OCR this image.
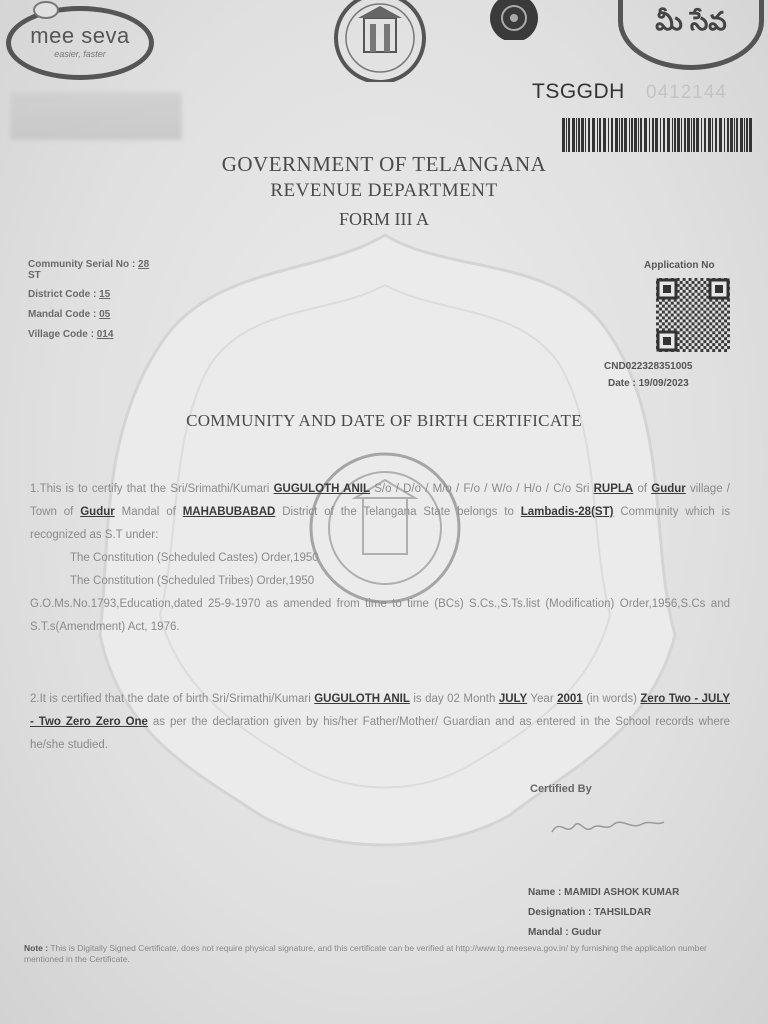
mee seva
easier, faster
మీ సేవ
TSGGDH 0412144
GOVERNMENT OF TELANGANA
REVENUE DEPARTMENT
FORM III A
Community Serial No : 28
ST
District Code : 15
Mandal Code : 05
Village Code : 014
Application No
CND022328351005
Date : 19/09/2023
COMMUNITY AND DATE OF BIRTH CERTIFICATE
1.This is to certify that the Sri/Srimathi/Kumari GUGULOTH ANIL S/o / D/o / M/o / F/o / W/o / H/o / C/o Sri RUPLA of Gudur village / Town of Gudur Mandal of MAHABUBABAD District of the Telangana State belongs to Lambadis-28(ST) Community which is recognized as S.T under:
The Constitution (Scheduled Castes) Order,1950
The Constitution (Scheduled Tribes) Order,1950
G.O.Ms.No.1793,Education,dated 25-9-1970 as amended from time to time (BCs) S.Cs.,S.Ts.list (Modification) Order,1956,S.Cs and S.T.s(Amendment) Act, 1976.
2.It is certified that the date of birth Sri/Srimathi/Kumari GUGULOTH ANIL is day 02 Month JULY Year 2001 (in words) Zero Two - JULY - Two Zero Zero One as per the declaration given by his/her Father/Mother/ Guardian and as entered in the School records where he/she studied.
Certified By
Name : MAMIDI ASHOK KUMAR
Designation : TAHSILDAR
Mandal : Gudur
Note : This is Digitally Signed Certificate, does not require physical signature, and this certificate can be verified at http://www.tg.meeseva.gov.in/ by furnishing the application number mentioned in the Certificate.
